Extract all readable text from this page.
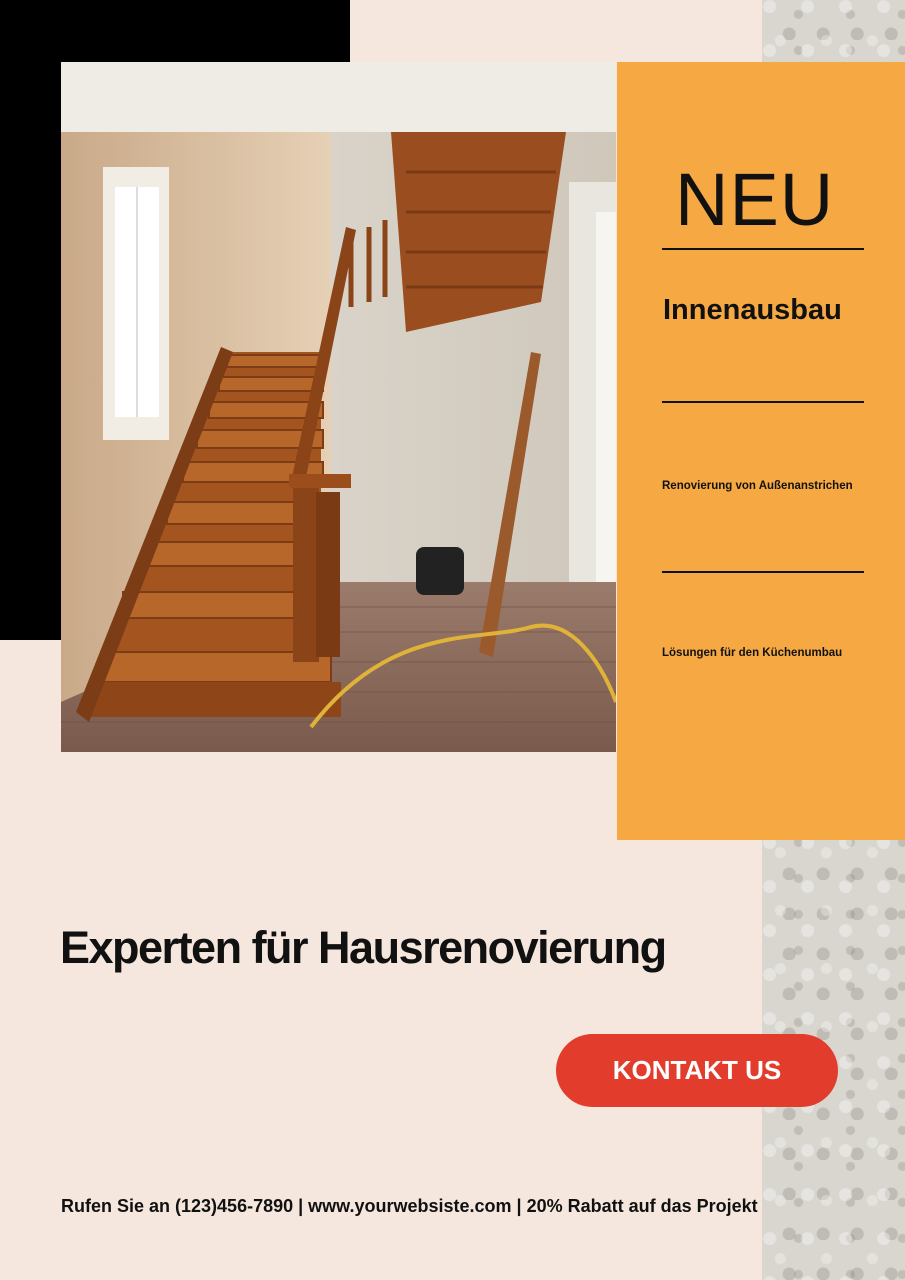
NEU
Innenausbau
Renovierung von Außenanstrichen
Lösungen für den Küchenumbau
Experten für Hausrenovierung
KONTAKT US
Rufen Sie an (123)456-7890 | www.yourwebsiste.com | 20% Rabatt auf das Projekt
